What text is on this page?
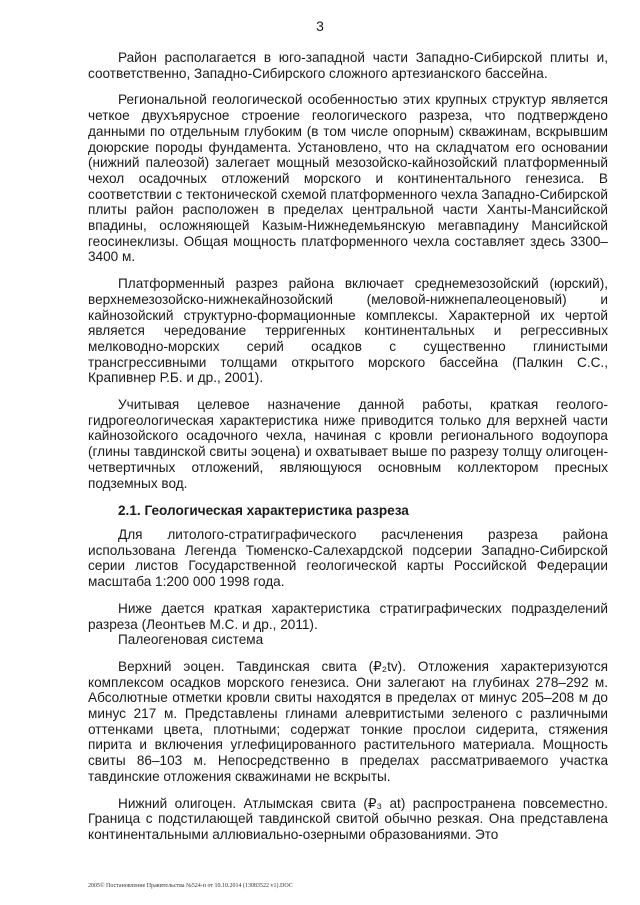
3

Район располагается в юго-западной части Западно-Сибирской плиты и, соответственно, Западно-Сибирского сложного артезианского бассейна.

Региональной геологической особенностью этих крупных структур является четкое двухъярусное строение геологического разреза, что подтверждено данными по отдельным глубоким (в том числе опорным) скважинам, вскрывшим доюрские породы фундамента. Установлено, что на складчатом его основании (нижний палеозой) залегает мощный мезозойско-кайнозойский платформенный чехол осадочных отложений морского и континентального генезиса. В соответствии с тектонической схемой платформенного чехла Западно-Сибирской плиты район расположен в пределах центральной части Ханты-Мансийской впадины, осложняющей Казым-Нижнедемьянскую мегавпадину Мансийской геосинеклизы. Общая мощность платформенного чехла составляет здесь 3300–3400 м.

Платформенный разрез района включает среднемезозойский (юрский), верхнемезозойско-нижнекайнозойский (меловой-нижнепалеоценовый) и кайнозойский структурно-формационные комплексы. Характерной их чертой является чередование терригенных континентальных и регрессивных мелководно-морских серий осадков с существенно глинистыми трансгрессивными толщами открытого морского бассейна (Палкин С.С., Крапивнер Р.Б. и др., 2001).

Учитывая целевое назначение данной работы, краткая геолого-гидрогеологическая характеристика ниже приводится только для верхней части кайнозойского осадочного чехла, начиная с кровли регионального водоупора (глины тавдинской свиты эоцена) и охватывает выше по разрезу толщу олигоцен-четвертичных отложений, являющуюся основным коллектором пресных подземных вод.

2.1. Геологическая характеристика разреза

Для литолого-стратиграфического расчленения разреза района использована Легенда Тюменско-Салехардской подсерии Западно-Сибирской серии листов Государственной геологической карты Российской Федерации масштаба 1:200 000 1998 года.

Ниже дается краткая характеристика стратиграфических подразделений разреза (Леонтьев М.С. и др., 2011).

Палеогеновая система

Верхний эоцен. Тавдинская свита (₽₂tv). Отложения характеризуются комплексом осадков морского генезиса. Они залегают на глубинах 278–292 м. Абсолютные отметки кровли свиты находятся в пределах от минус 205–208 м до минус 217 м. Представлены глинами алевритистыми зеленого с различными оттенками цвета, плотными; содержат тонкие прослои сидерита, стяжения пирита и включения углефицированного растительного материала. Мощность свиты 86–103 м. Непосредственно в пределах рассматриваемого участка тавдинские отложения скважинами не вскрыты.

Нижний олигоцен. Атлымская свита (₽₃ at) распространена повсеместно. Граница с подстилающей тавдинской свитой обычно резкая. Она представлена континентальными аллювиально-озерными образованиями. Это

2005© Постановление Правительства №524-п от 10.10.2014 (13083522 v1).DOC
